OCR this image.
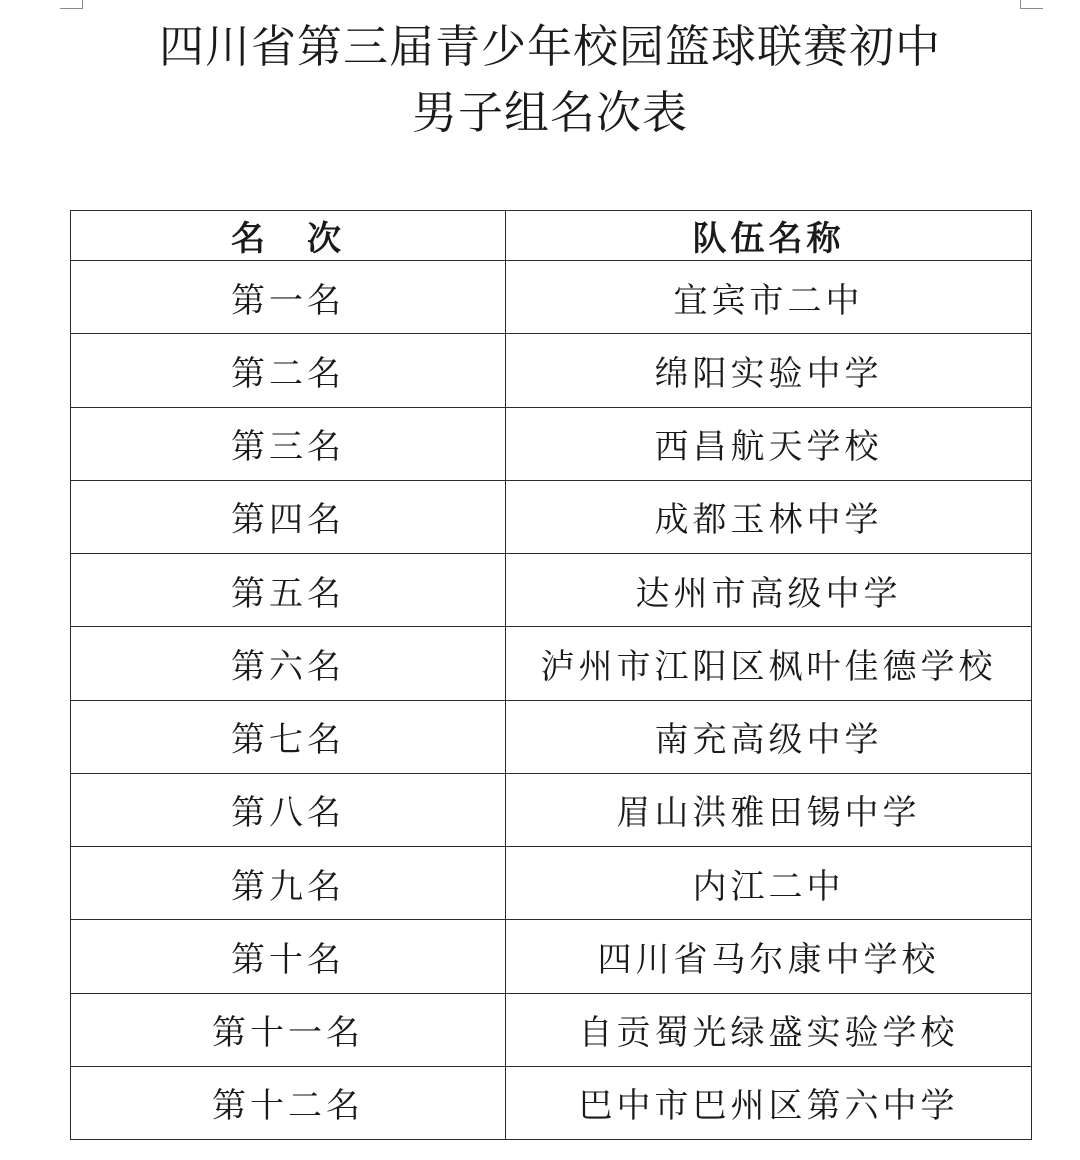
四川省第三届青少年校园篮球联赛初中
男子组名次表
名　次	队伍名称
第一名	宜宾市二中
第二名	绵阳实验中学
第三名	西昌航天学校
第四名	成都玉林中学
第五名	达州市高级中学
第六名	泸州市江阳区枫叶佳德学校
第七名	南充高级中学
第八名	眉山洪雅田锡中学
第九名	内江二中
第十名	四川省马尔康中学校
第十一名	自贡蜀光绿盛实验学校
第十二名	巴中市巴州区第六中学
